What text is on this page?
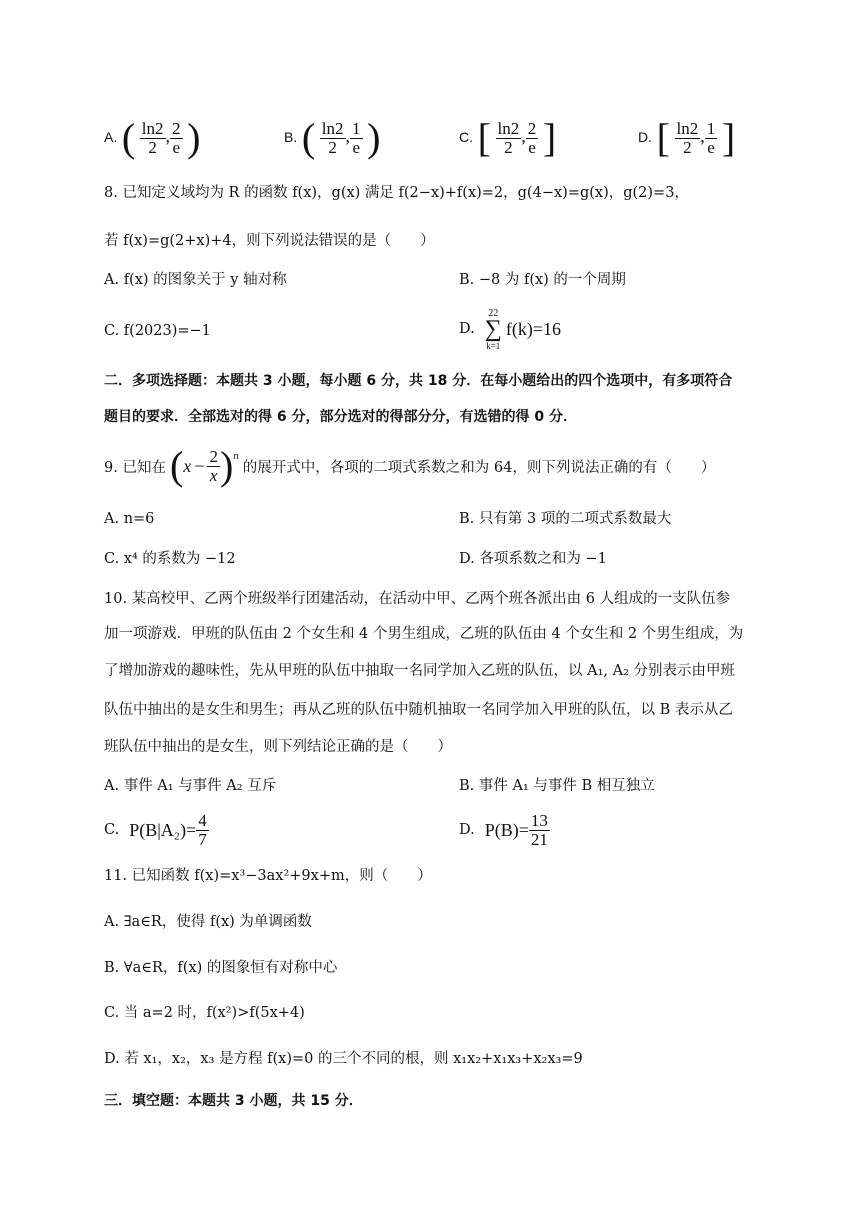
A. ( $\frac{\ln 2}{2}$ , $\frac{2}{e}$ )	B. ( $\frac{\ln 2}{2}$ , $\frac{1}{e}$ )	C. [ $\frac{\ln 2}{2}$ , $\frac{2}{e}$ ]	D. [ $\frac{\ln 2}{2}$ , $\frac{1}{e}$ ]
8. 已知定义域均为 R 的函数 f(x)，g(x) 满足 f(2−x)+f(x)=2，g(4−x)=g(x)，g(2)=3，
若 f(x)=g(2+x)+4，则下列说法错误的是（　　）
A. f(x) 的图象关于 y 轴对称	B. −8 为 f(x) 的一个周期
C. f(2023)=−1	D.
22
∑
k=1
f(k)=16
二．多项选择题：本题共 3 小题，每小题 6 分，共 18 分．在每小题给出的四个选项中，有多项符合
题目的要求．全部选对的得 6 分，部分选对的得部分分，有选错的得 0 分．
9. 已知在 ( $x - \frac{2}{x}$ ) n
的展开式中，各项的二项式系数之和为 64，则下列说法正确的有（　　）
A. n=6	B. 只有第 3 项的二项式系数最大
C. x⁴ 的系数为 −12	D. 各项系数之和为 −1
10. 某高校甲、乙两个班级举行团建活动，在活动中甲、乙两个班各派出由 6 人组成的一支队伍参
加一项游戏．甲班的队伍由 2 个女生和 4 个男生组成，乙班的队伍由 4 个女生和 2 个男生组成，为
了增加游戏的趣味性，先从甲班的队伍中抽取一名同学加入乙班的队伍，以 A₁, A₂ 分别表示由甲班
队伍中抽出的是女生和男生；再从乙班的队伍中随机抽取一名同学加入甲班的队伍，以 B 表示从乙
班队伍中抽出的是女生，则下列结论正确的是（　　）
A. 事件 A₁ 与事件 A₂ 互斥	B. 事件 A₁ 与事件 B 相互独立
C. $P(B|A_2)= \frac{4}{7}$	D. $P(B)= \frac{13}{21}$
11. 已知函数 f(x)=x³−3ax²+9x+m，则（　　）
A. ∃a∈R，使得 f(x) 为单调函数
B. ∀a∈R，f(x) 的图象恒有对称中心
C. 当 a=2 时，f(x²)>f(5x+4)
D. 若 x₁，x₂，x₃ 是方程 f(x)=0 的三个不同的根，则 x₁x₂+x₁x₃+x₂x₃=9
三．填空题：本题共 3 小题，共 15 分．
